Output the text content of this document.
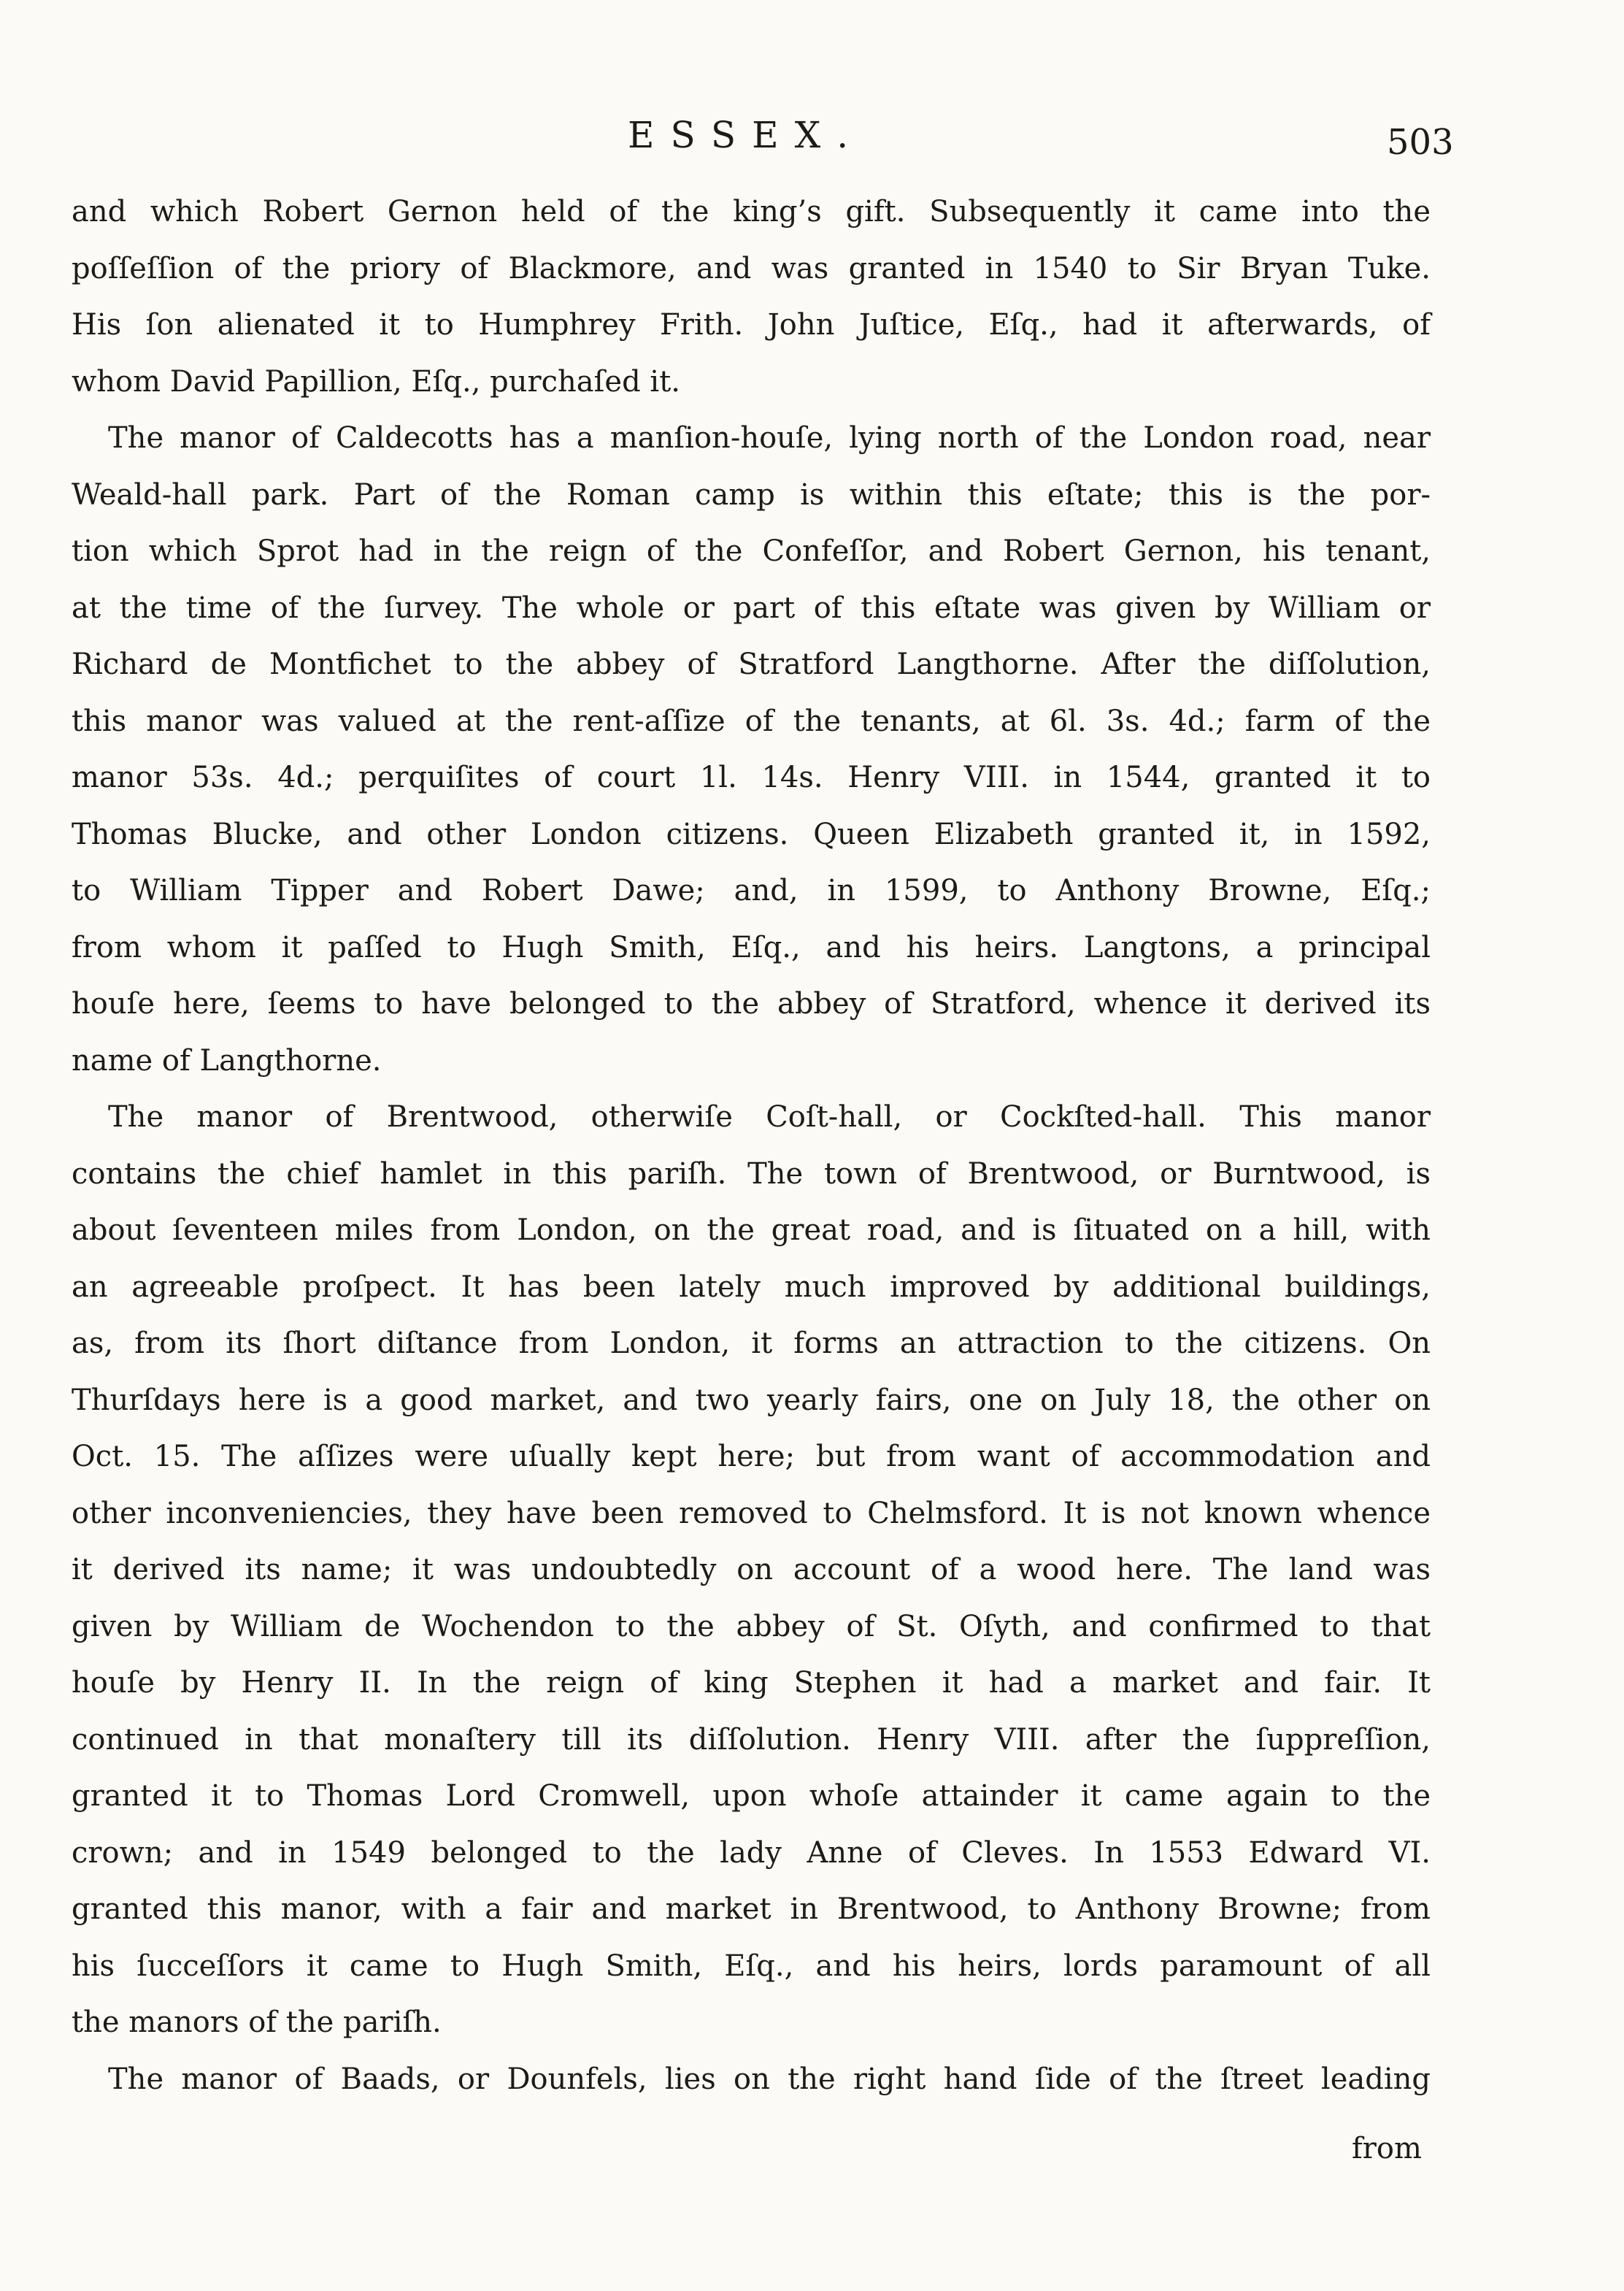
ESSEX.	503
and which Robert Gernon held of the king’s gift. Subsequently it came into the
poſſeſſion of the priory of Blackmore, and was granted in 1540 to Sir Bryan Tuke.
His ſon alienated it to Humphrey Frith. John Juſtice, Eſq., had it afterwards, of
whom David Papillion, Eſq., purchaſed it.
The manor of Caldecotts has a manſion-houſe, lying north of the London road, near
Weald-hall park. Part of the Roman camp is within this eſtate; this is the por-
tion which Sprot had in the reign of the Confeſſor, and Robert Gernon, his tenant,
at the time of the ſurvey. The whole or part of this eſtate was given by William or
Richard de Montfichet to the abbey of Stratford Langthorne. After the diſſolution,
this manor was valued at the rent-aſſize of the tenants, at 6l. 3s. 4d.; farm of the
manor 53s. 4d.; perquiſites of court 1l. 14s. Henry VIII. in 1544, granted it to
Thomas Blucke, and other London citizens. Queen Elizabeth granted it, in 1592,
to William Tipper and Robert Dawe; and, in 1599, to Anthony Browne, Eſq.;
from whom it paſſed to Hugh Smith, Eſq., and his heirs. Langtons, a principal
houſe here, ſeems to have belonged to the abbey of Stratford, whence it derived its
name of Langthorne.
The manor of Brentwood, otherwiſe Coſt-hall, or Cockſted-hall. This manor
contains the chief hamlet in this pariſh. The town of Brentwood, or Burntwood, is
about ſeventeen miles from London, on the great road, and is ſituated on a hill, with
an agreeable proſpect. It has been lately much improved by additional buildings,
as, from its ſhort diſtance from London, it forms an attraction to the citizens. On
Thurſdays here is a good market, and two yearly fairs, one on July 18, the other on
Oct. 15. The aſſizes were uſually kept here; but from want of accommodation and
other inconveniencies, they have been removed to Chelmsford. It is not known whence
it derived its name; it was undoubtedly on account of a wood here. The land was
given by William de Wochendon to the abbey of St. Oſyth, and confirmed to that
houſe by Henry II. In the reign of king Stephen it had a market and fair. It
continued in that monaſtery till its diſſolution. Henry VIII. after the ſuppreſſion,
granted it to Thomas Lord Cromwell, upon whoſe attainder it came again to the
crown; and in 1549 belonged to the lady Anne of Cleves. In 1553 Edward VI.
granted this manor, with a fair and market in Brentwood, to Anthony Browne; from
his ſucceſſors it came to Hugh Smith, Eſq., and his heirs, lords paramount of all
the manors of the pariſh.
The manor of Baads, or Dounfels, lies on the right hand ſide of the ſtreet leading
from
